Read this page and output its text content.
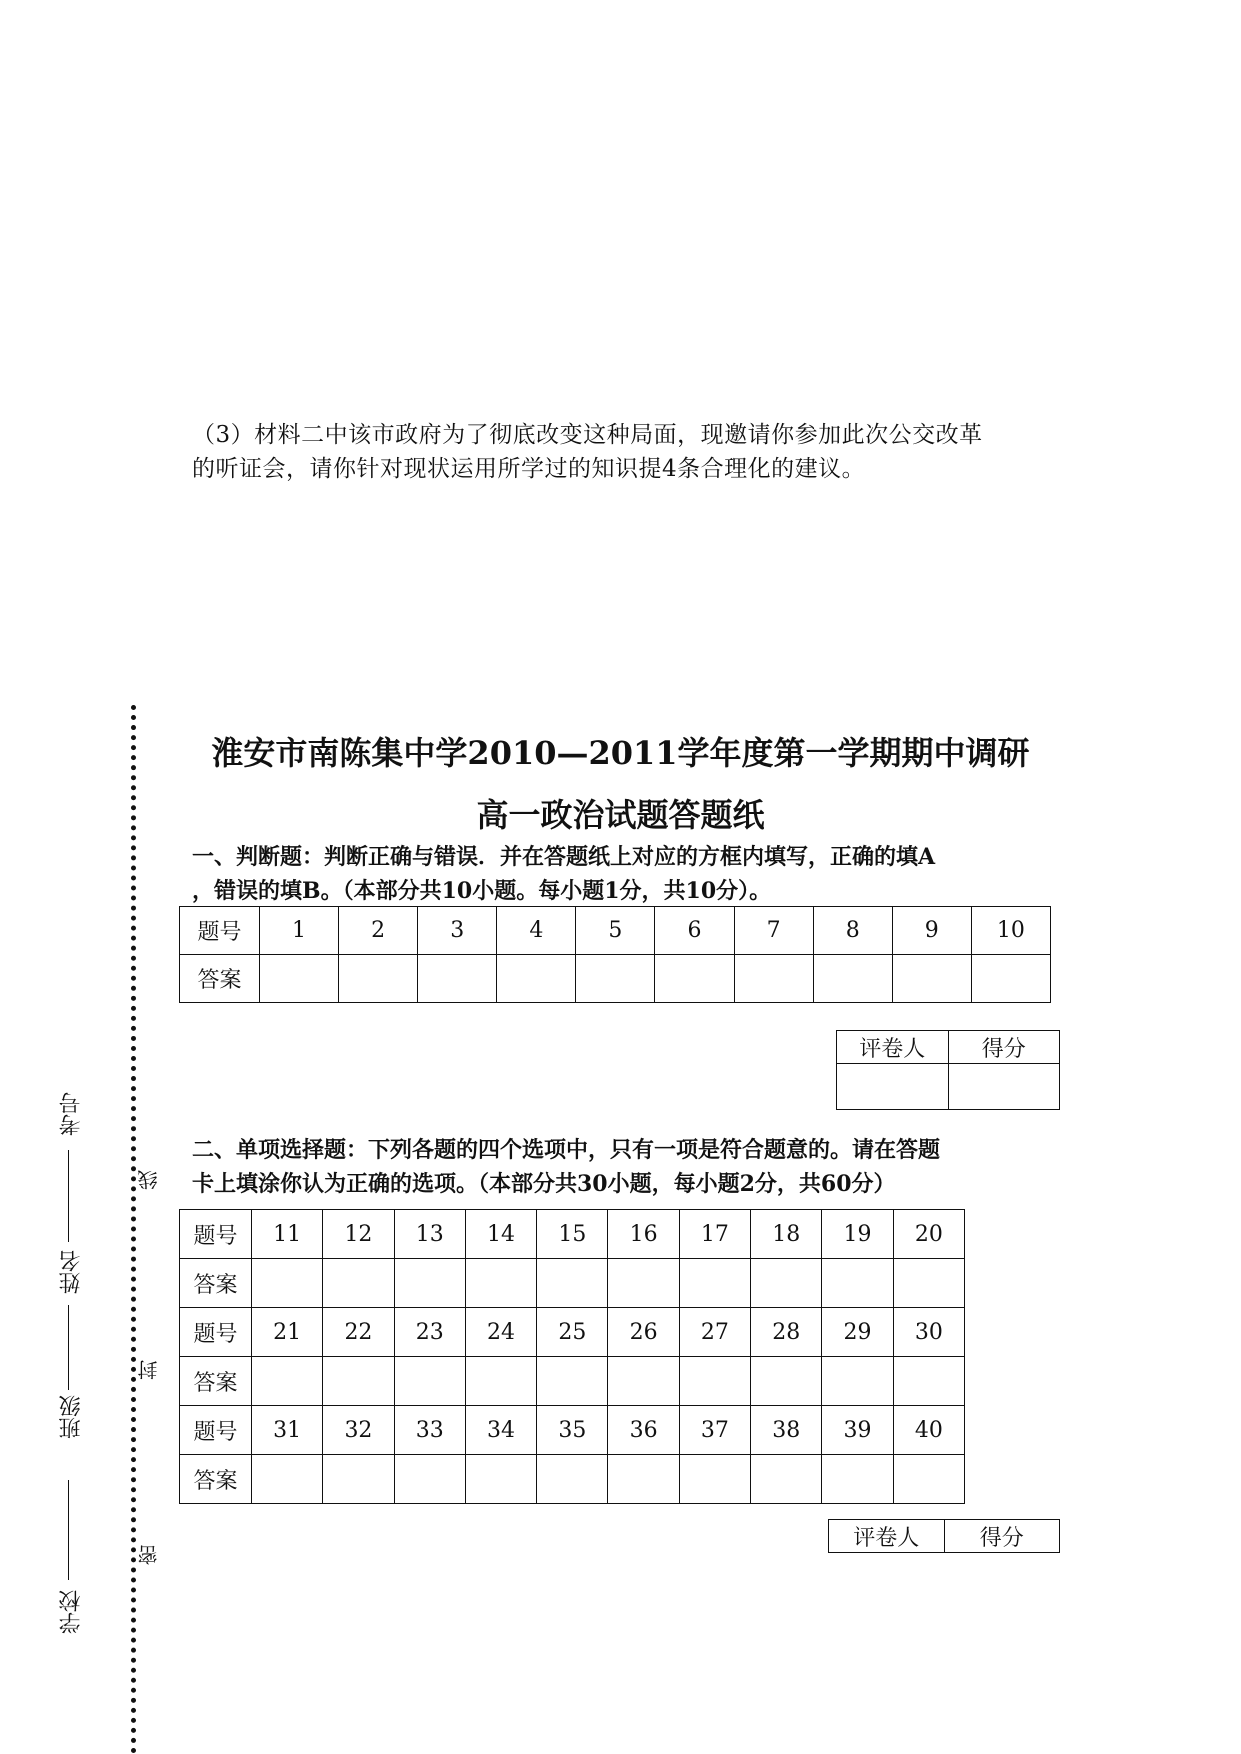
（3）材料二中该市政府为了彻底改变这种局面，现邀请你参加此次公交改革
的听证会，请你针对现状运用所学过的知识提4条合理化的建议。
淮安市南陈集中学2010—2011学年度第一学期期中调研
高一政治试题答题纸
一、判断题：判断正确与错误．并在答题纸上对应的方框内填写，正确的填A
，错误的填B。（本部分共10小题。每小题1分，共10分）。
题号	1	2	3	4	5	6	7	8	9	10
答案										
评卷人	得分

二、单项选择题：下列各题的四个选项中，只有一项是符合题意的。请在答题
卡上填涂你认为正确的选项。（本部分共30小题，每小题2分，共60分）
题号	11	12	13	14	15	16	17	18	19	20
答案										
题号	21	22	23	24	25	26	27	28	29	30
答案										
题号	31	32	33	34	35	36	37	38	39	40
答案										
评卷人	得分
学校
班级
姓名
考号
密
封
线
